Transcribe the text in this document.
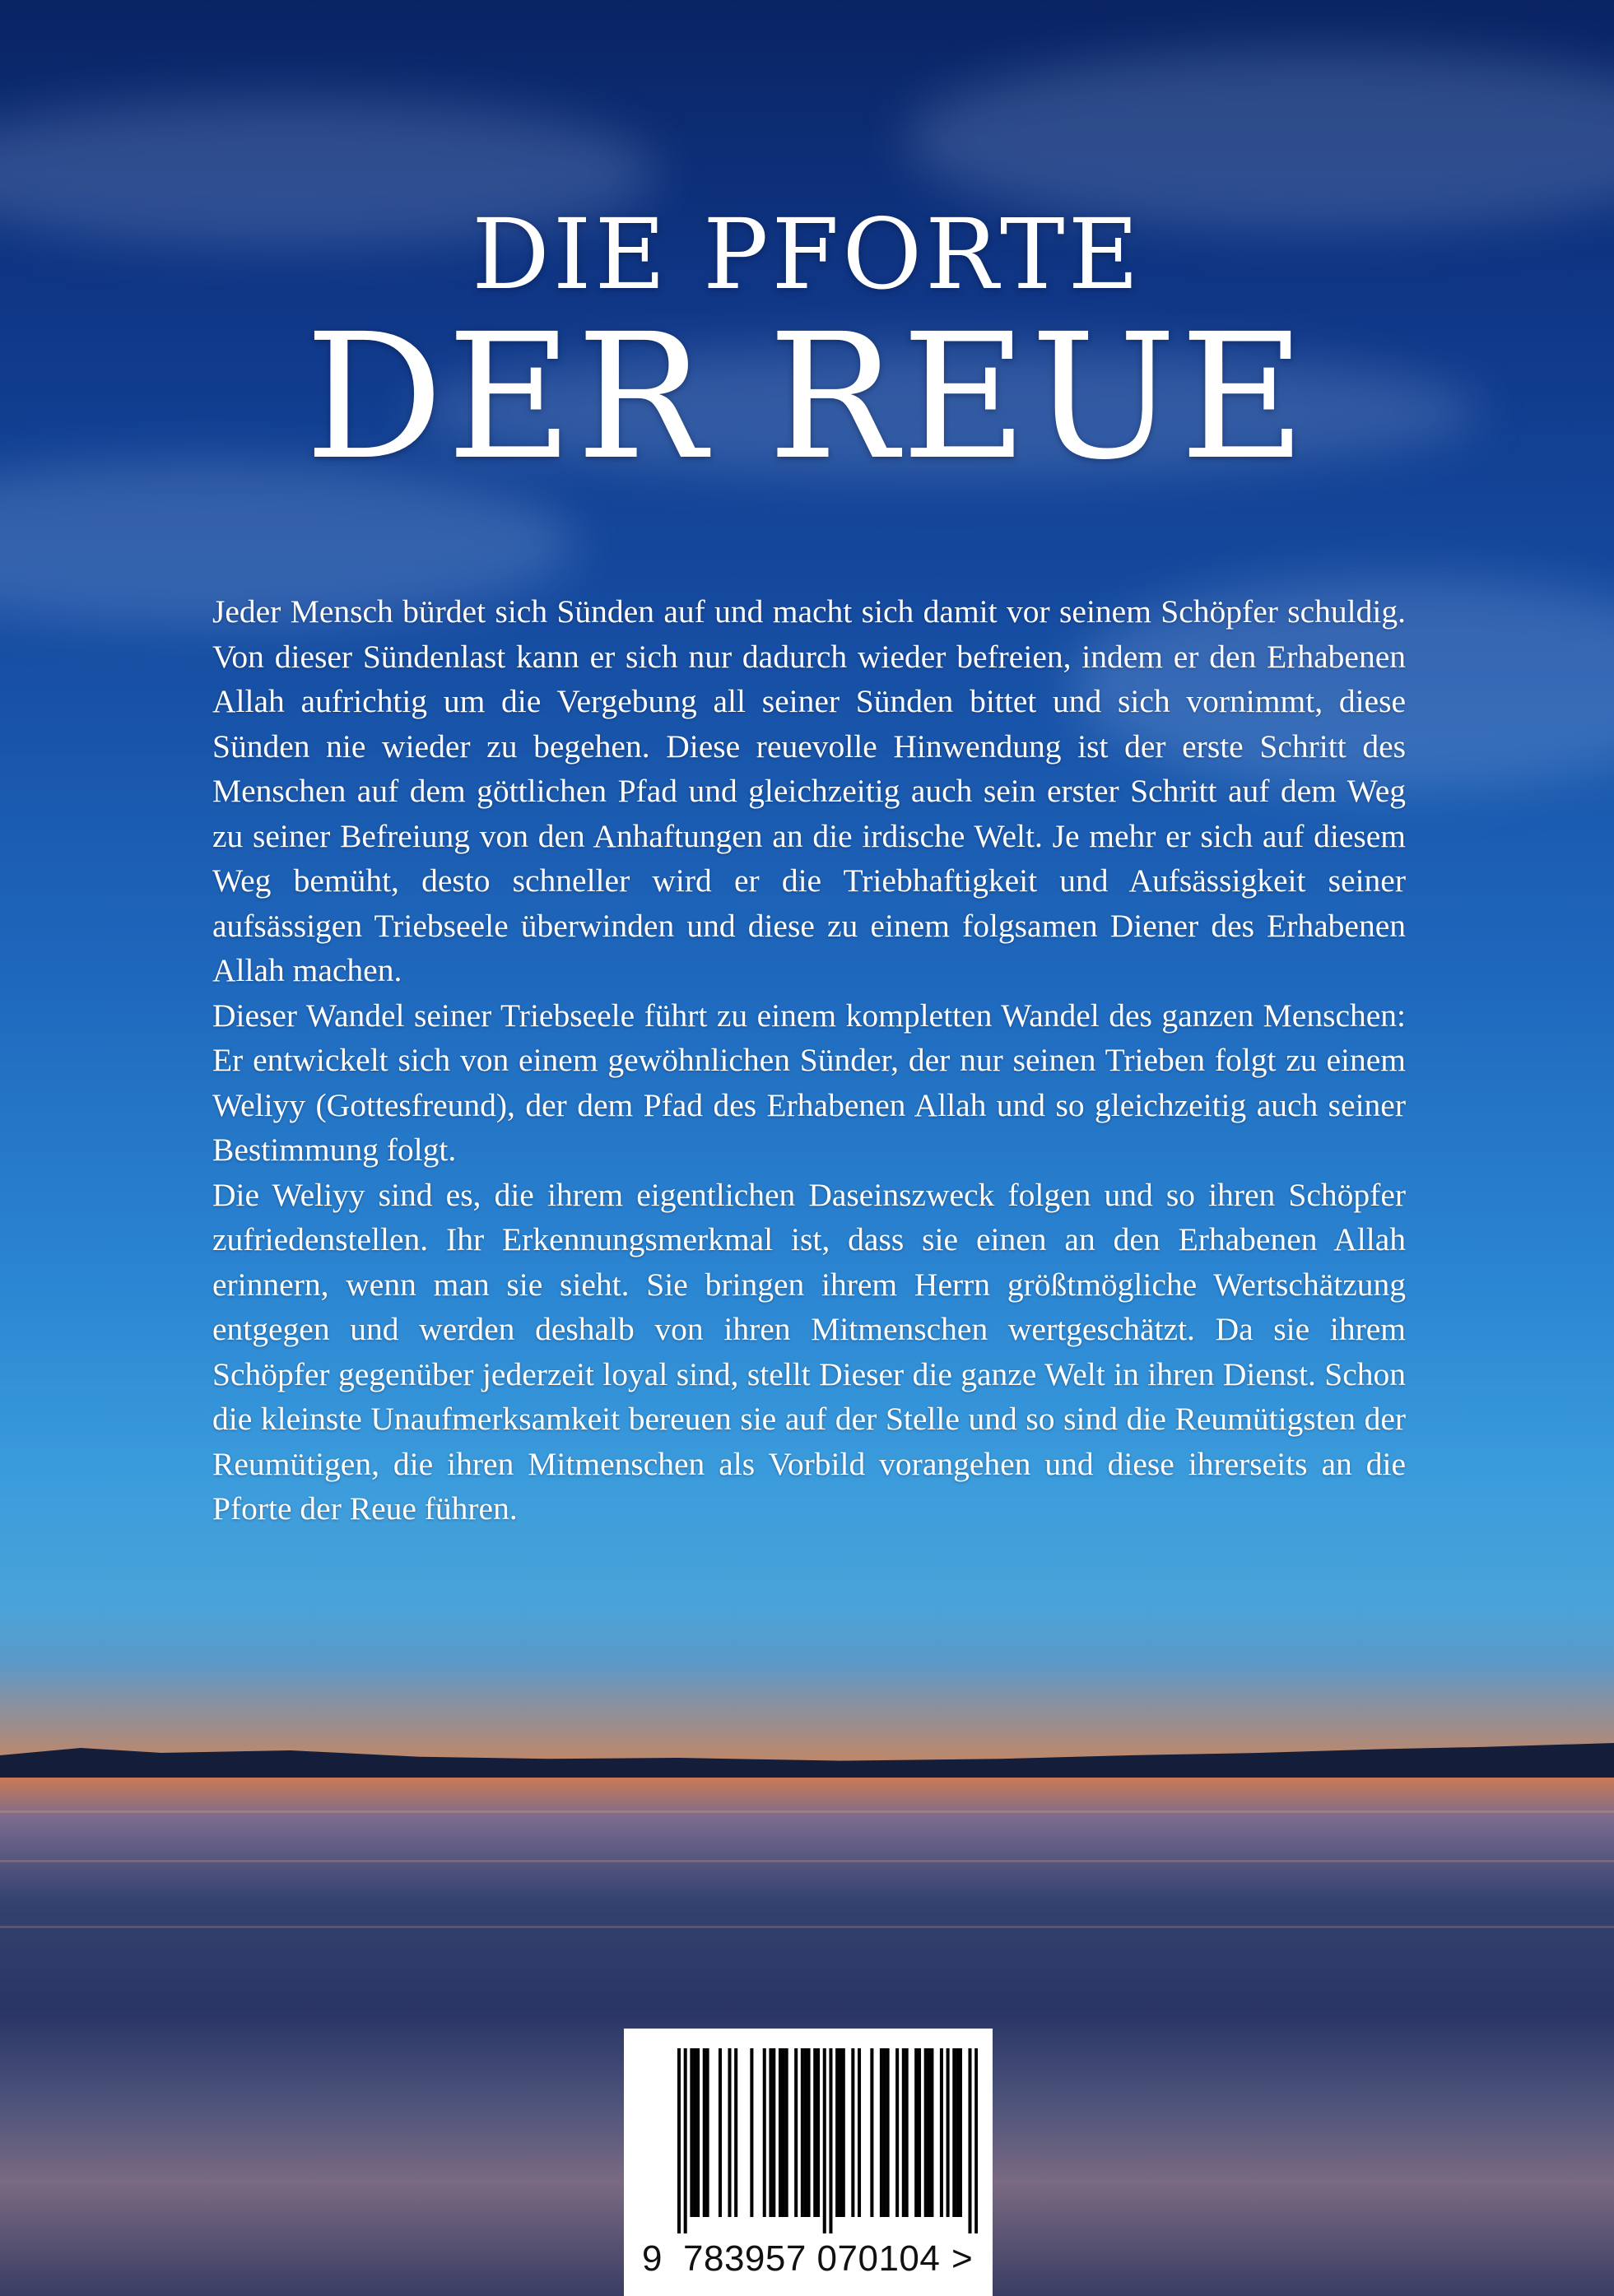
DIE PFORTE
DER REUE

Jeder Mensch bürdet sich Sünden auf und macht sich damit vor seinem Schöpfer schuldig. Von dieser Sündenlast kann er sich nur dadurch wieder befreien, indem er den Erhabenen Allah aufrichtig um die Vergebung all seiner Sünden bittet und sich vornimmt, diese Sünden nie wieder zu begehen. Diese reuevolle Hinwendung ist der erste Schritt des Menschen auf dem göttlichen Pfad und gleichzeitig auch sein erster Schritt auf dem Weg zu seiner Befreiung von den Anhaftungen an die irdische Welt. Je mehr er sich auf diesem Weg bemüht, desto schneller wird er die Triebhaftigkeit und Aufsässigkeit seiner aufsässigen Triebseele überwinden und diese zu einem folgsamen Diener des Erhabenen Allah machen.

Dieser Wandel seiner Triebseele führt zu einem kompletten Wandel des ganzen Menschen: Er entwickelt sich von einem gewöhnlichen Sünder, der nur seinen Trieben folgt zu einem Weliyy (Gottesfreund), der dem Pfad des Erhabenen Allah und so gleichzeitig auch seiner Bestimmung folgt.

Die Weliyy sind es, die ihrem eigentlichen Daseinszweck folgen und so ihren Schöpfer zufriedenstellen. Ihr Erkennungsmerkmal ist, dass sie einen an den Erhabenen Allah erinnern, wenn man sie sieht. Sie bringen ihrem Herrn größtmögliche Wertschätzung entgegen und werden deshalb von ihren Mitmenschen wertgeschätzt. Da sie ihrem Schöpfer gegenüber jederzeit loyal sind, stellt Dieser die ganze Welt in ihren Dienst. Schon die kleinste Unaufmerksamkeit bereuen sie auf der Stelle und so sind die Reumütigsten der Reumütigen, die ihren Mitmenschen als Vorbild vorangehen und diese ihrerseits an die Pforte der Reue führen.

9 783957 070104 >
